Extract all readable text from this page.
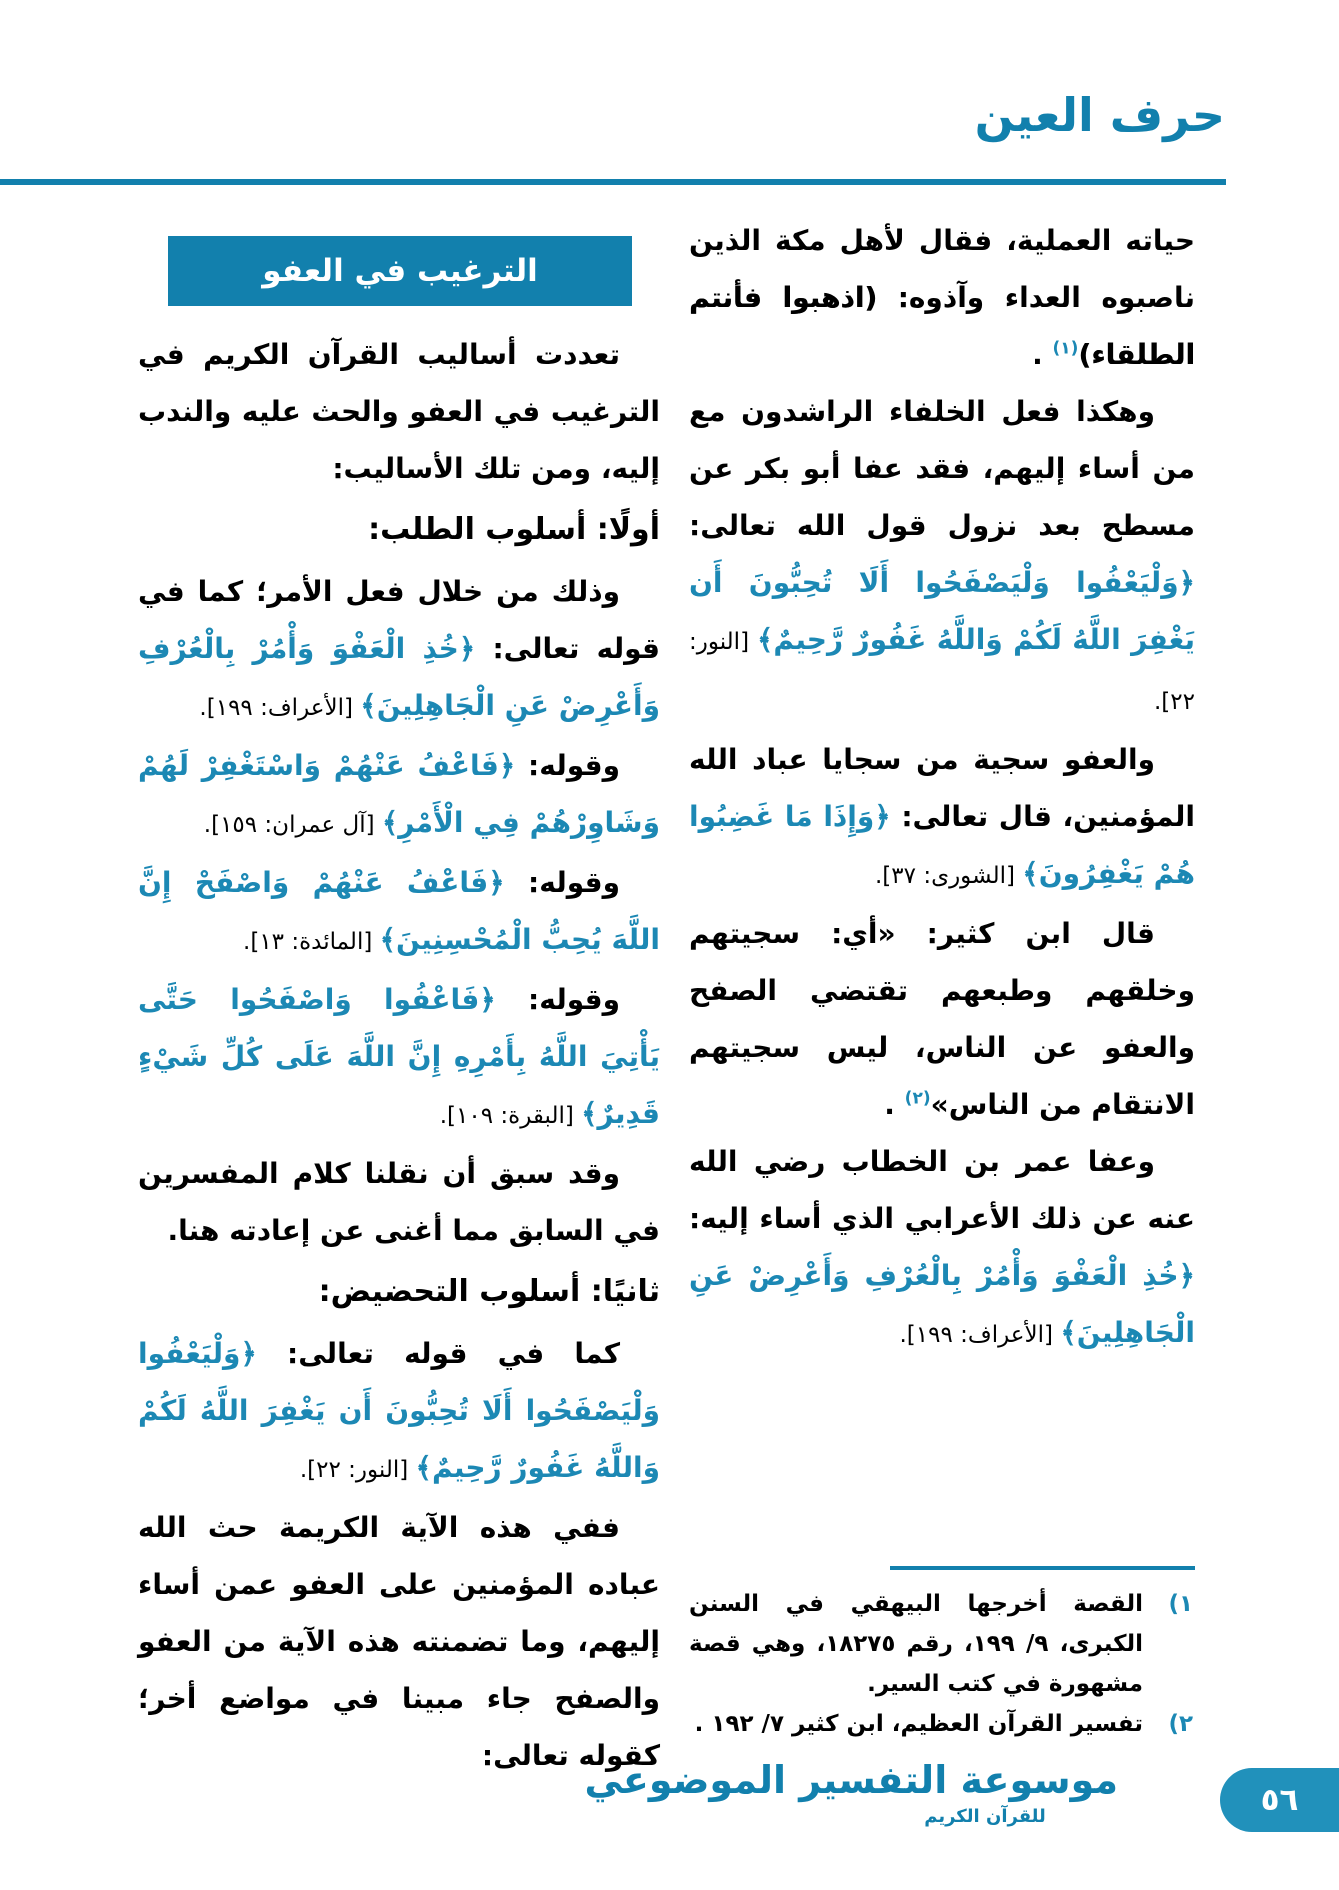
حرف العين

حياته العملية، فقال لأهل مكة الذين ناصبوه العداء وآذوه: (اذهبوا فأنتم الطلقاء)$^{(١)}$ .

وهكذا فعل الخلفاء الراشدون مع من أساء إليهم، فقد عفا أبو بكر عن مسطح بعد نزول قول الله تعالى: ﴿وَلْيَعْفُوا وَلْيَصْفَحُوا أَلَا تُحِبُّونَ أَن يَغْفِرَ اللَّهُ لَكُمْ وَاللَّهُ غَفُورٌ رَّحِيمٌ﴾ [النور: ٢٢].

والعفو سجية من سجايا عباد الله المؤمنين، قال تعالى: ﴿وَإِذَا مَا غَضِبُوا هُمْ يَغْفِرُونَ﴾ [الشورى: ٣٧].

قال ابن كثير: «أي: سجيتهم وخلقهم وطبعهم تقتضي الصفح والعفو عن الناس، ليس سجيتهم الانتقام من الناس»$^{(٢)}$ .

وعفا عمر بن الخطاب رضي الله عنه عن ذلك الأعرابي الذي أساء إليه: ﴿خُذِ الْعَفْوَ وَأْمُرْ بِالْعُرْفِ وَأَعْرِضْ عَنِ الْجَاهِلِينَ﴾ [الأعراف: ١٩٩].

الترغيب في العفو

تعددت أساليب القرآن الكريم في الترغيب في العفو والحث عليه والندب إليه، ومن تلك الأساليب:

أولًا: أسلوب الطلب:

وذلك من خلال فعل الأمر؛ كما في قوله تعالى: ﴿خُذِ الْعَفْوَ وَأْمُرْ بِالْعُرْفِ وَأَعْرِضْ عَنِ الْجَاهِلِينَ﴾ [الأعراف: ١٩٩].

وقوله: ﴿فَاعْفُ عَنْهُمْ وَاسْتَغْفِرْ لَهُمْ وَشَاوِرْهُمْ فِي الْأَمْرِ﴾ [آل عمران: ١٥٩].

وقوله: ﴿فَاعْفُ عَنْهُمْ وَاصْفَحْ إِنَّ اللَّهَ يُحِبُّ الْمُحْسِنِينَ﴾ [المائدة: ١٣].

وقوله: ﴿فَاعْفُوا وَاصْفَحُوا حَتَّى يَأْتِيَ اللَّهُ بِأَمْرِهِ إِنَّ اللَّهَ عَلَى كُلِّ شَيْءٍ قَدِيرٌ﴾ [البقرة: ١٠٩].

وقد سبق أن نقلنا كلام المفسرين في السابق مما أغنى عن إعادته هنا.

ثانيًا: أسلوب التحضيض:

كما في قوله تعالى: ﴿وَلْيَعْفُوا وَلْيَصْفَحُوا أَلَا تُحِبُّونَ أَن يَغْفِرَ اللَّهُ لَكُمْ وَاللَّهُ غَفُورٌ رَّحِيمٌ﴾ [النور: ٢٢].

ففي هذه الآية الكريمة حث الله عباده المؤمنين على العفو عمن أساء إليهم، وما تضمنته هذه الآية من العفو والصفح جاء مبينا في مواضع أخر؛ كقوله تعالى:

١)
القصة أخرجها البيهقي في السنن الكبرى، ٩/ ١٩٩، رقم ١٨٢٧٥، وهي قصة مشهورة في كتب السير.
٢)
تفسير القرآن العظيم، ابن كثير ٧/ ١٩٢ .
موسوعة التفسير الموضوعي
للقرآن الكريم	٥٦
